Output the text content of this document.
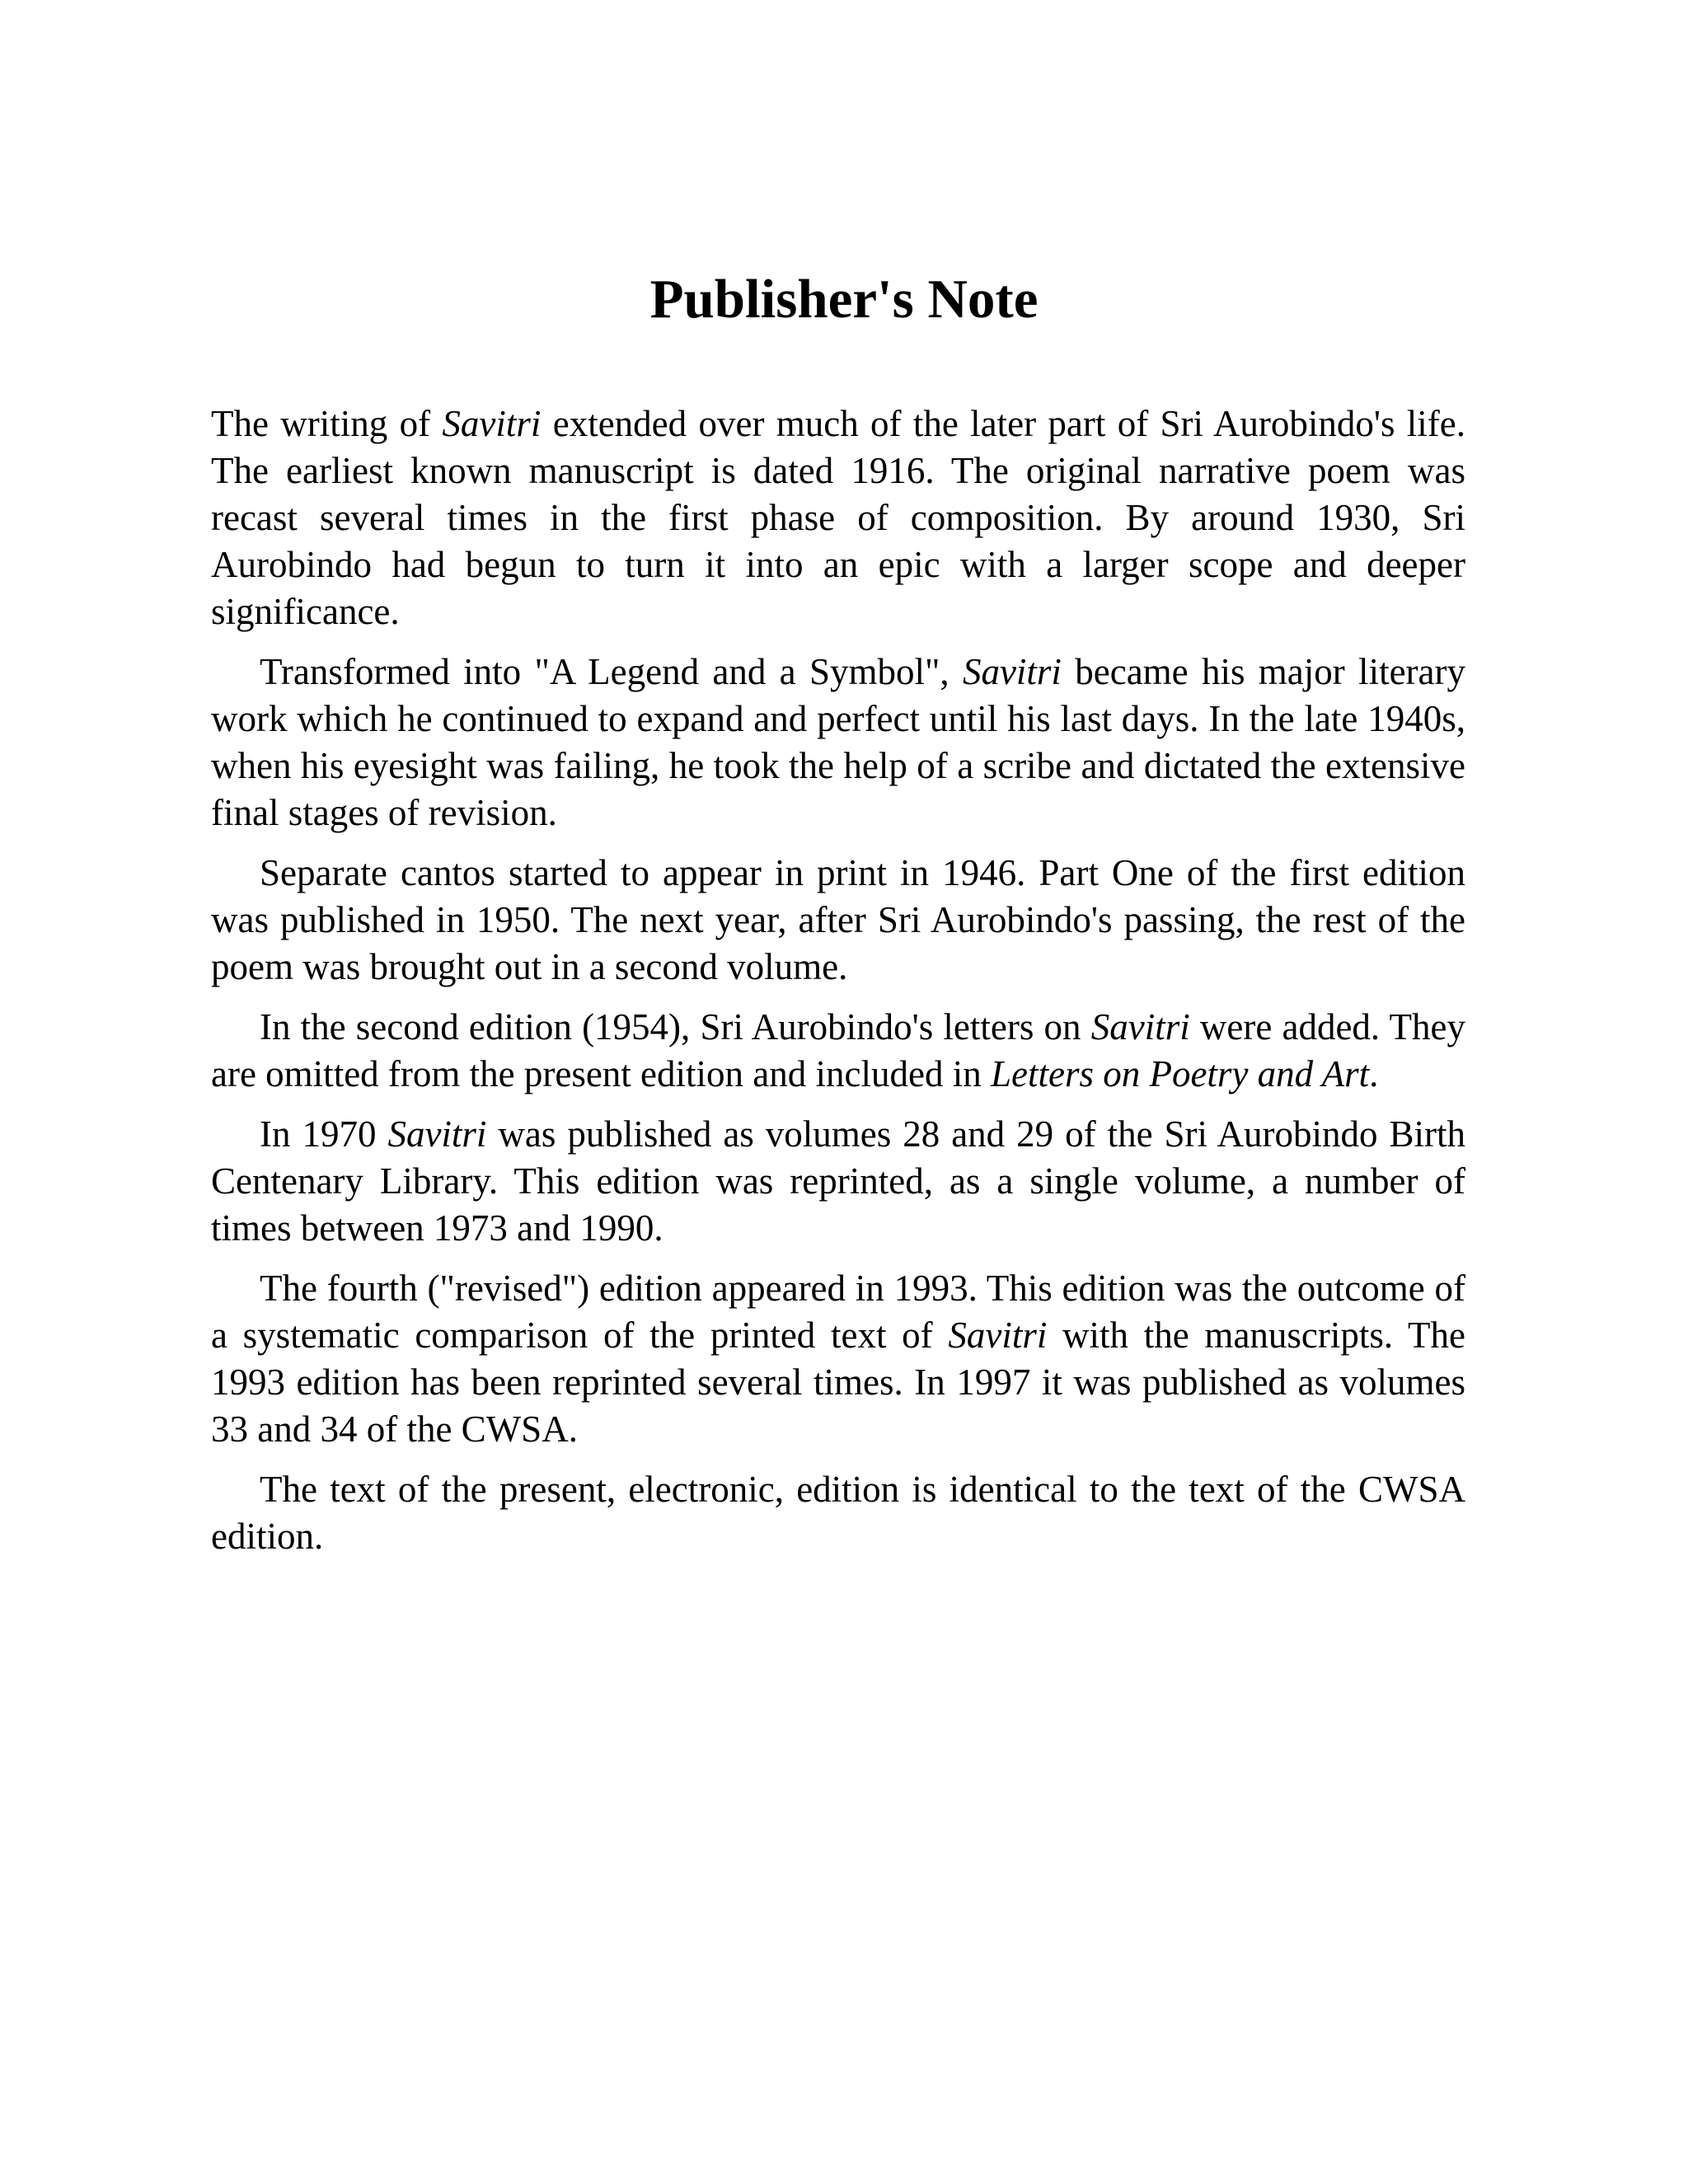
Publisher's Note

The writing of Savitri extended over much of the later part of Sri Aurobindo's life. The earliest known manuscript is dated 1916. The original narrative poem was recast several times in the first phase of composition. By around 1930, Sri Aurobindo had begun to turn it into an epic with a larger scope and deeper significance.

Transformed into "A Legend and a Symbol", Savitri became his major literary work which he continued to expand and perfect until his last days. In the late 1940s, when his eyesight was failing, he took the help of a scribe and dictated the extensive final stages of revision.

Separate cantos started to appear in print in 1946. Part One of the first edition was published in 1950. The next year, after Sri Aurobindo's passing, the rest of the poem was brought out in a second volume.

In the second edition (1954), Sri Aurobindo's letters on Savitri were added. They are omitted from the present edition and included in Letters on Poetry and Art.

In 1970 Savitri was published as volumes 28 and 29 of the Sri Aurobindo Birth Centenary Library. This edition was reprinted, as a single volume, a number of times between 1973 and 1990.

The fourth ("revised") edition appeared in 1993. This edition was the outcome of a systematic comparison of the printed text of Savitri with the manuscripts. The 1993 edition has been reprinted several times. In 1997 it was published as volumes 33 and 34 of the CWSA.

The text of the present, electronic, edition is identical to the text of the CWSA edition.
